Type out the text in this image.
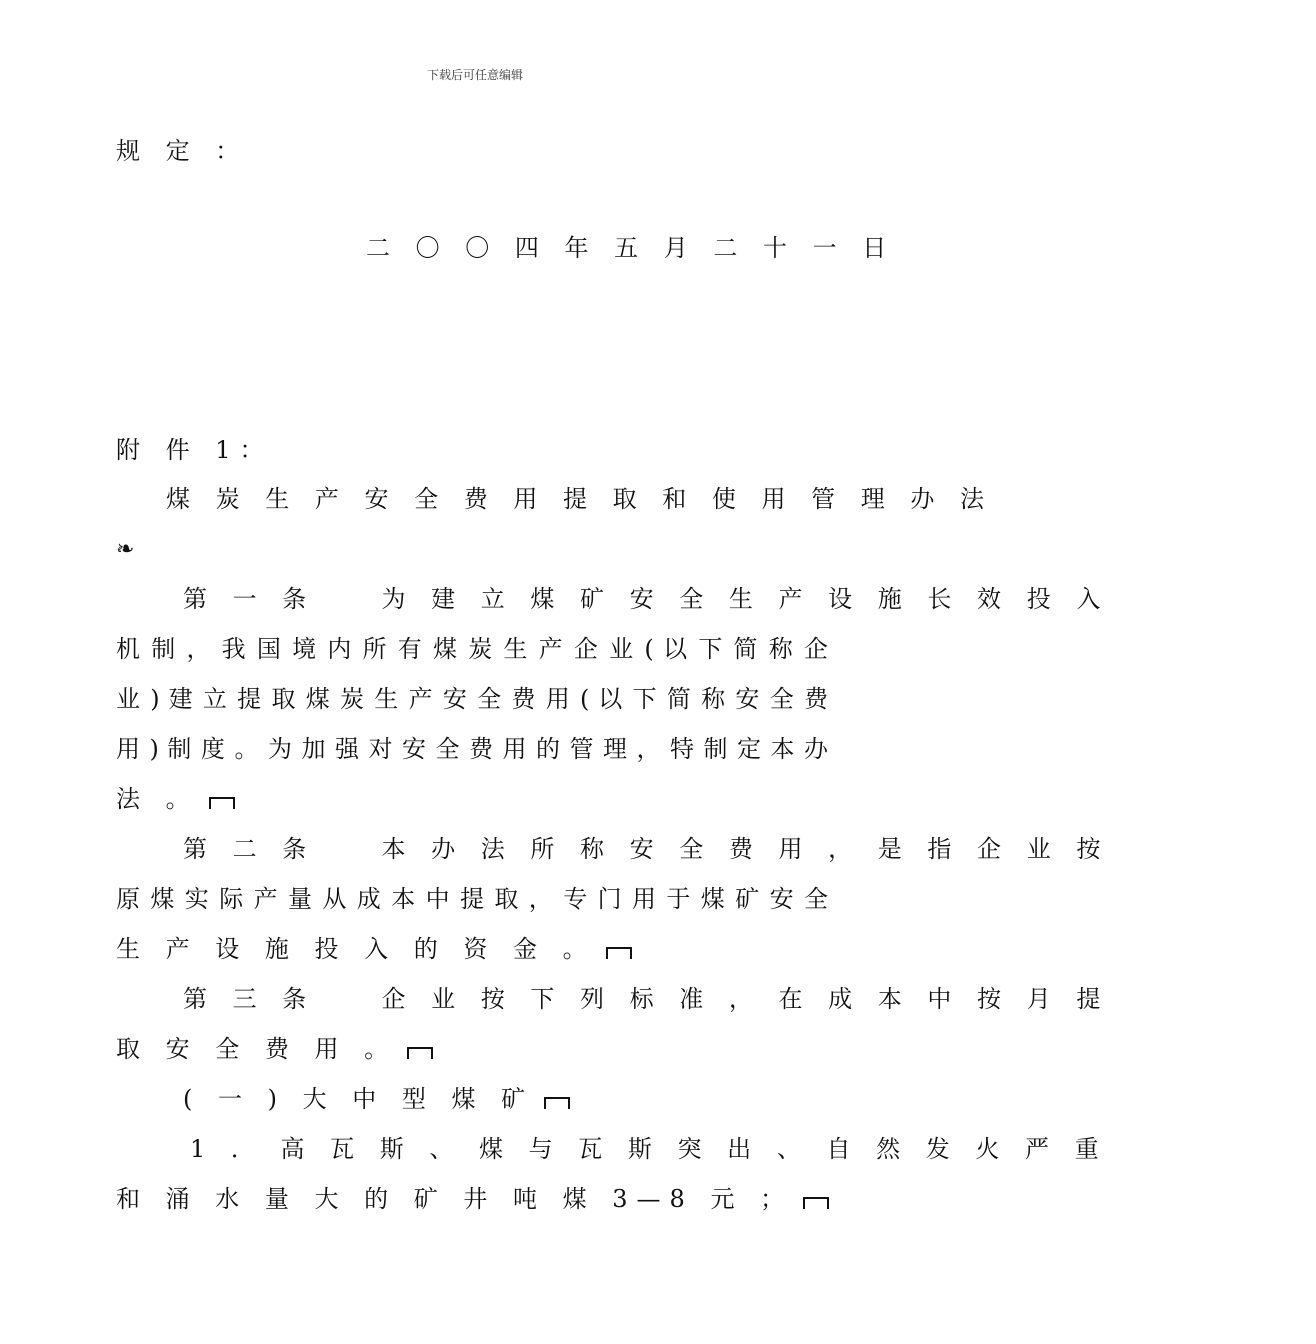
下载后可任意编辑
规 定 ：
二 〇 〇 四 年 五 月 二 十 一 日
附 件 1：
煤 炭 生 产 安 全 费 用 提 取 和 使 用 管 理 办 法
❧
第 一 条 　 为 建 立 煤 矿 安 全 生 产 设 施 长 效 投 入
机 制 ， 我 国 境 内 所 有 煤 炭 生 产 企 业 ( 以 下 简 称 企
业 ) 建 立 提 取 煤 炭 生 产 安 全 费 用 ( 以 下 简 称 安 全 费
用 ) 制 度 。 为 加 强 对 安 全 费 用 的 管 理 ， 特 制 定 本 办
法 。
第 二 条 　 本 办 法 所 称 安 全 费 用 ， 是 指 企 业 按
原 煤 实 际 产 量 从 成 本 中 提 取 ， 专 门 用 于 煤 矿 安 全
生 产 设 施 投 入 的 资 金 。
第 三 条 　 企 业 按 下 列 标 准 ， 在 成 本 中 按 月 提
取 安 全 费 用 。
( 一 ) 大 中 型 煤 矿
1 ． 高 瓦 斯 、 煤 与 瓦 斯 突 出 、 自 然 发 火 严 重
和 涌 水 量 大 的 矿 井 吨 煤 3—8 元 ；
